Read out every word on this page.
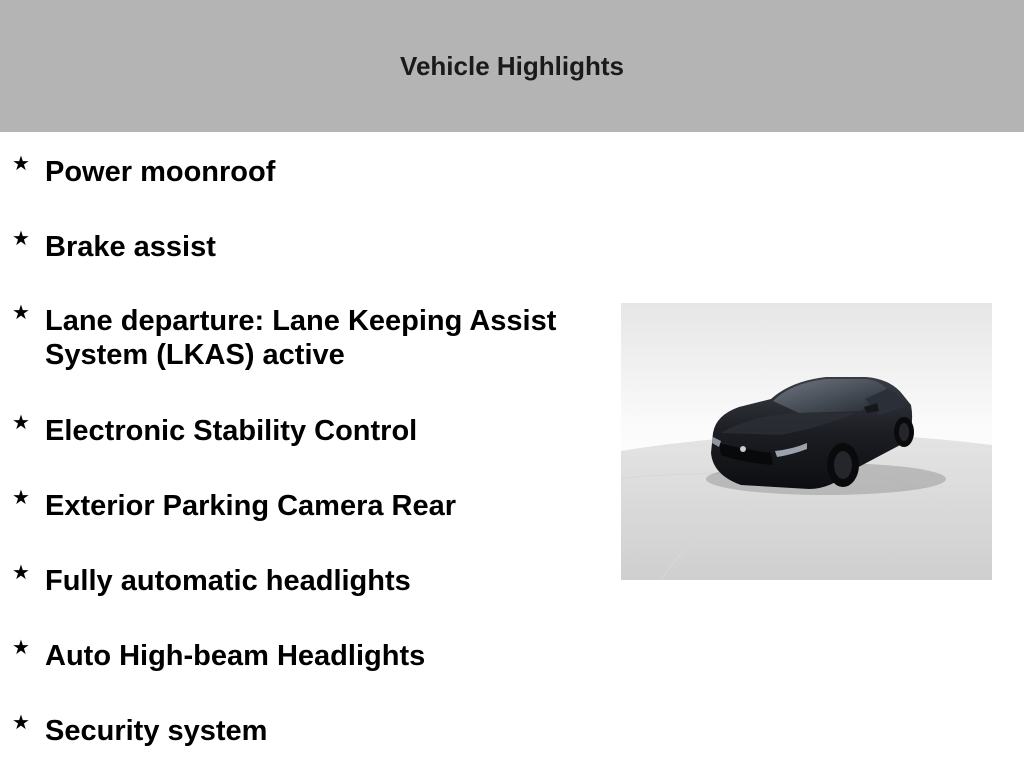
Vehicle Highlights
★ Power moonroof
★ Brake assist
★ Lane departure: Lane Keeping Assist System (LKAS) active
★ Electronic Stability Control
★ Exterior Parking Camera Rear
★ Fully automatic headlights
★ Auto High-beam Headlights
★ Security system
